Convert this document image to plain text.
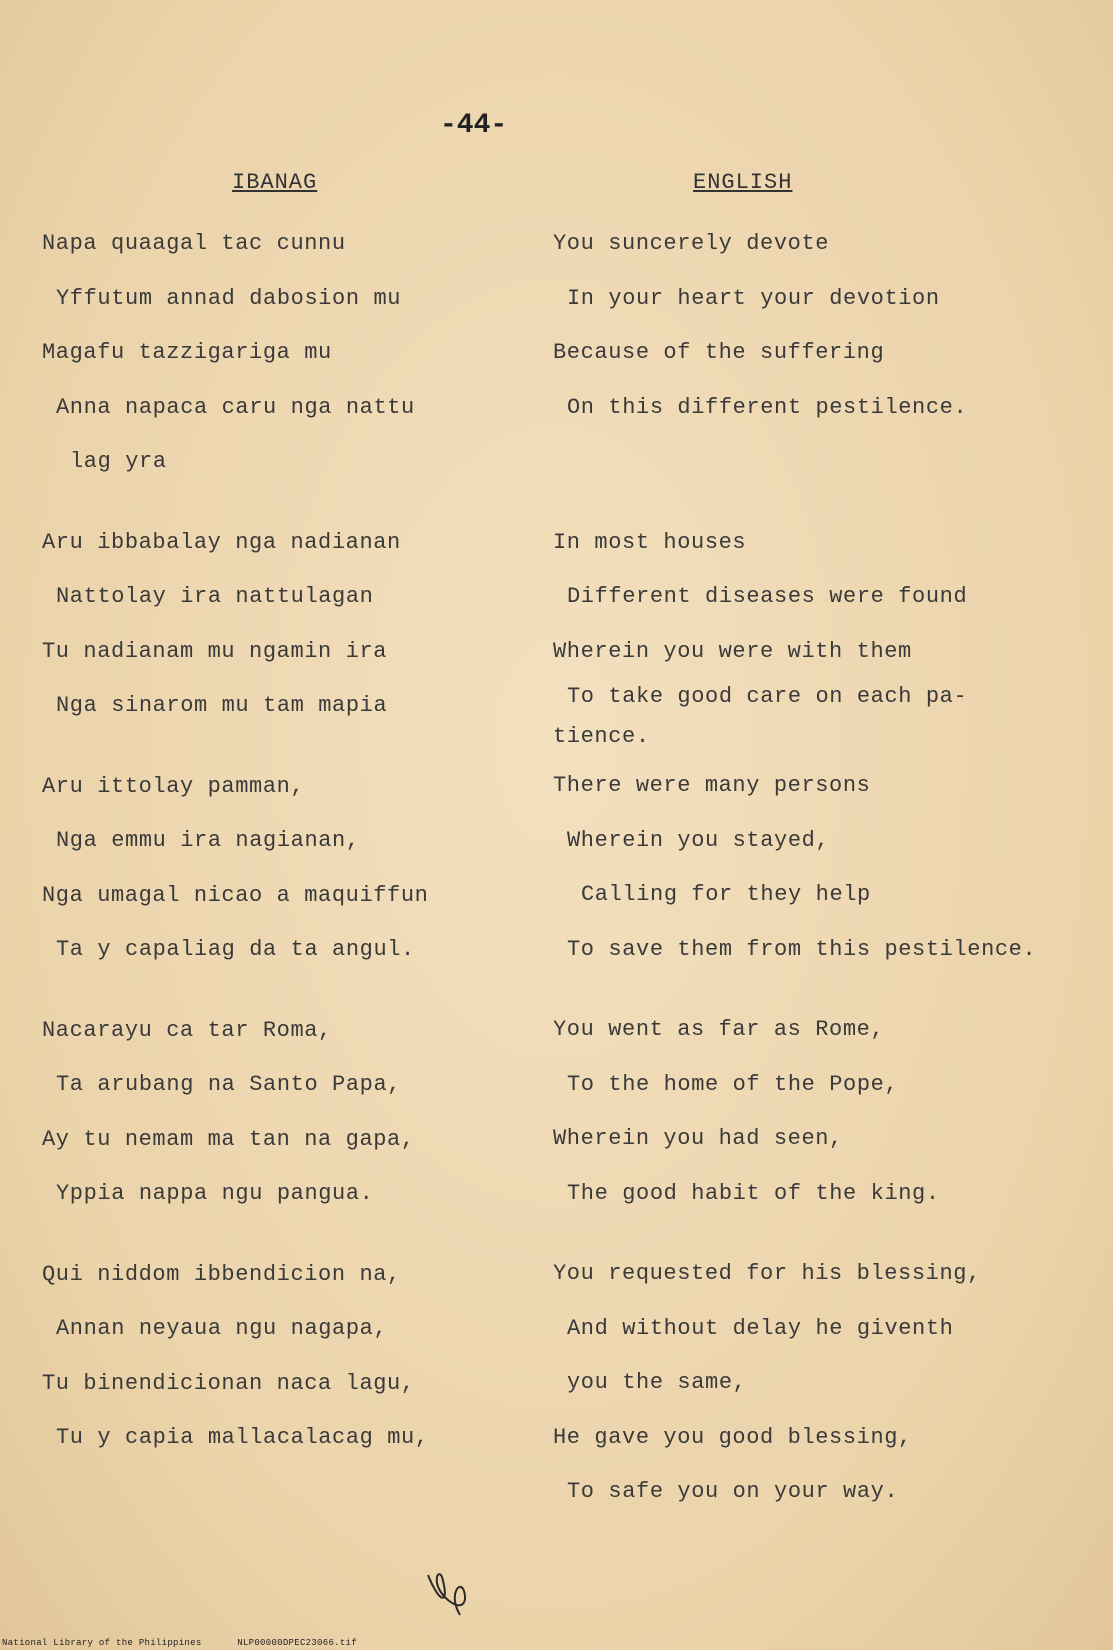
-44-
IBANAG
Napa quaagal tac cunnu
Yffutum annad dabosion mu
Magafu tazzigariga mu
Anna napaca caru nga nattu
lag yra
Aru ibbabalay nga nadianan
Nattolay ira nattulagan
Tu nadianam mu ngamin ira
Nga sinarom mu tam mapia
Aru ittolay pamman,
Nga emmu ira nagianan,
Nga umagal nicao a maquiffun
Ta y capaliag da ta angul.
Nacarayu ca tar Roma,
Ta arubang na Santo Papa,
Ay tu nemam ma tan na gapa,
Yppia nappa ngu pangua.
Qui niddom ibbendicion na,
Annan neyaua ngu nagapa,
Tu binendicionan naca lagu,
Tu y capia mallacalacag mu,
ENGLISH
You suncerely devote
In your heart your devotion
Because of the suffering
On this different pestilence.
In most houses
Different diseases were found
Wherein you were with them
To take good care on each pa-
tience.
There were many persons
Wherein you stayed,
Calling for they help
To save them from this pestilence.
You went as far as Rome,
To the home of the Pope,
Wherein you had seen,
The good habit of the king.
You requested for his blessing,
And without delay he giventh
you the same,
He gave you good blessing,
To safe you on your way.
National Library of the Philippines	NLP00000DPEC23066.tif
